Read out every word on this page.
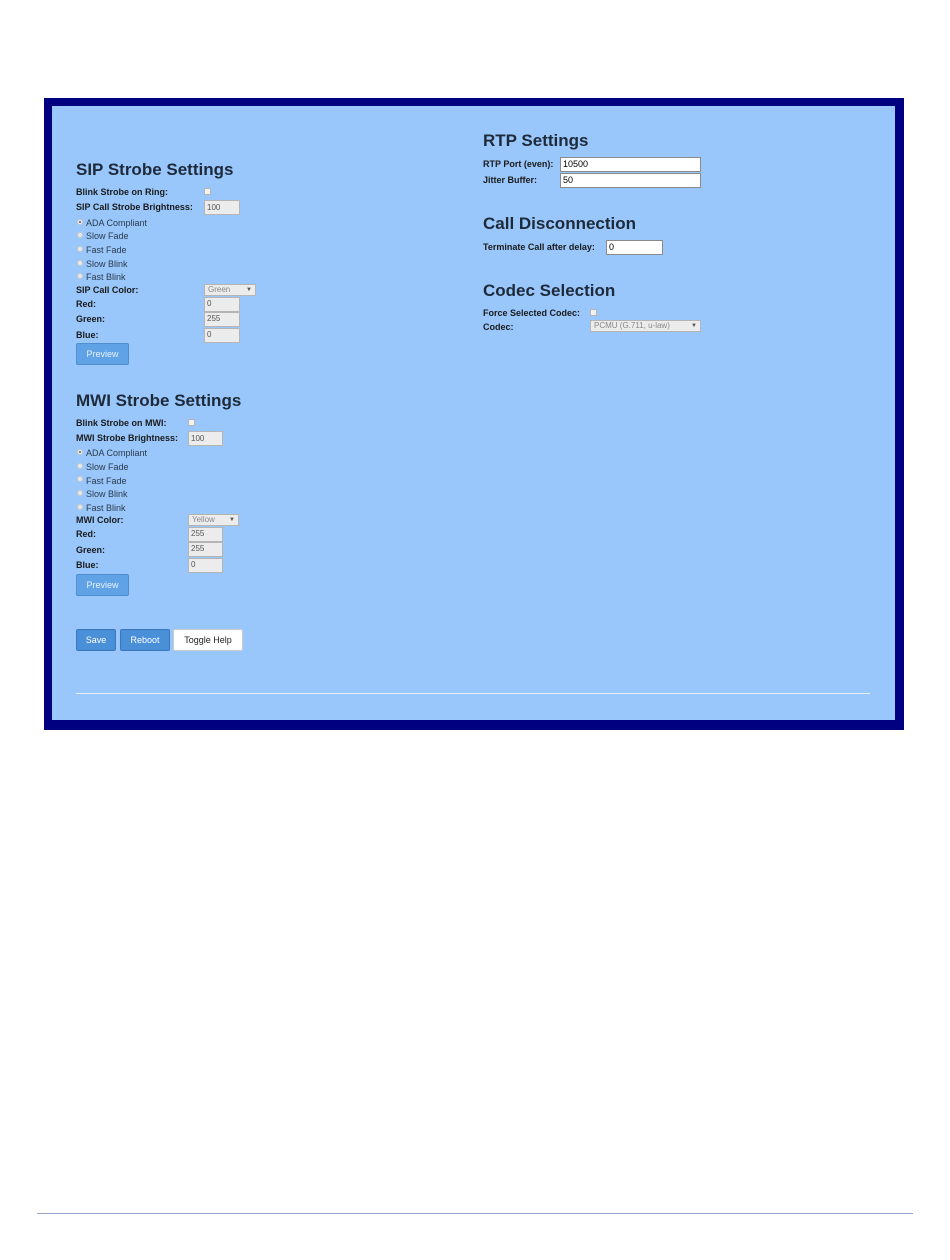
SIP Strobe Settings
Blink Strobe on Ring:
SIP Call Strobe Brightness:	100
ADA Compliant
Slow Fade
Fast Fade
Slow Blink
Fast Blink
SIP Call Color:	Green	▼
Red:	0
Green:	255
Blue:	0
Preview
MWI Strobe Settings
Blink Strobe on MWI:
MWI Strobe Brightness:	100
ADA Compliant
Slow Fade
Fast Fade
Slow Blink
Fast Blink
MWI Color:	Yellow ▼
Red:	255
Green:	255
Blue:	0
Preview
Save	Reboot	Toggle Help
RTP Settings
RTP Port (even):	10500
Jitter Buffer:	50
Call Disconnection
Terminate Call after delay:	0
Codec Selection
Force Selected Codec:
Codec:	PCMU (G.711, u-law)	▼
